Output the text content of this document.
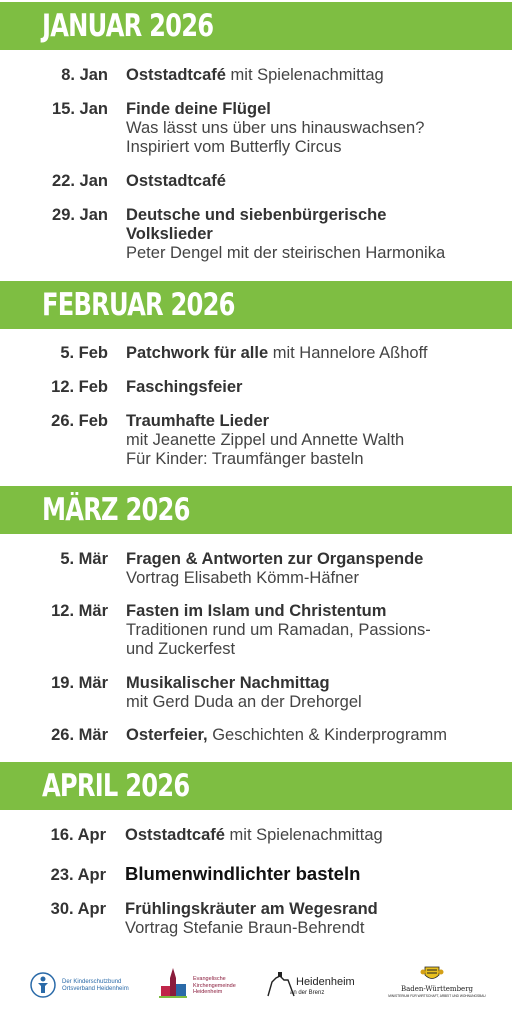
JANUAR 2026
8. Jan Oststadtcafé mit Spielenachmittag
15. Jan Finde deine Flügel
Was lässt uns über uns hinauswachsen?
Inspiriert vom Butterfly Circus
22. Jan Oststadtcafé
29. Jan Deutsche und siebenbürgerische
Volkslieder
Peter Dengel mit der steirischen Harmonika
FEBRUAR 2026
5. Feb Patchwork für alle mit Hannelore Aßhoff
12. Feb Faschingsfeier
26. Feb Traumhafte Lieder
mit Jeanette Zippel und Annette Walth
Für Kinder: Traumfänger basteln
MÄRZ 2026
5. Mär Fragen & Antworten zur Organspende
Vortrag Elisabeth Kömm-Häfner
12. Mär Fasten im Islam und Christentum
Traditionen rund um Ramadan, Passions-
und Zuckerfest
19. Mär Musikalischer Nachmittag
mit Gerd Duda an der Drehorgel
26. Mär Osterfeier, Geschichten & Kinderprogramm
APRIL 2026
16. Apr Oststadtcafé mit Spielenachmittag
23. Apr Blumenwindlichter basteln
30. Apr Frühlingskräuter am Wegesrand
Vortrag Stefanie Braun-Behrendt
Der Kinderschutzbund
Ortsverband Heidenheim
Evangelische
Kirchengemeinde
Heidenheim
Heidenheim
an der Brenz	Baden-Württemberg
MINISTERIUM FÜR WIRTSCHAFT, ARBEIT UND WOHNUNGSBAU
